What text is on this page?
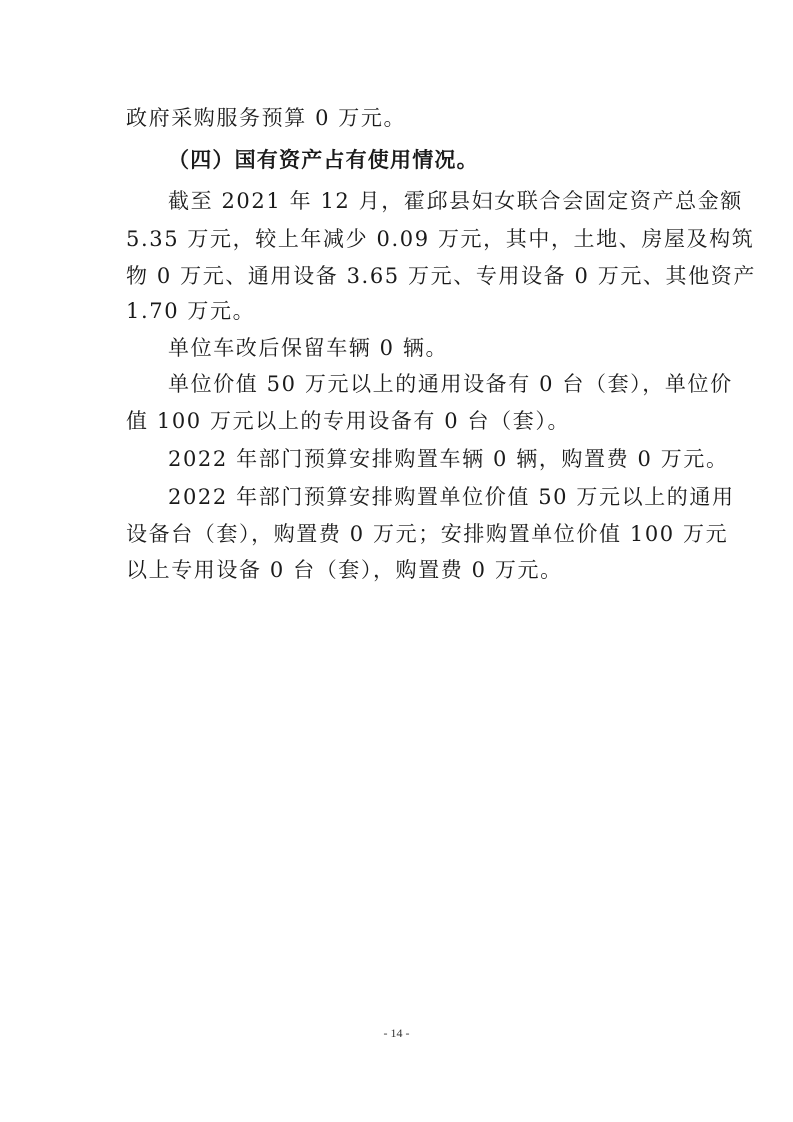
政府采购服务预算 0 万元。
（四）国有资产占有使用情况。
截至 2021 年 12 月，霍邱县妇女联合会固定资产总金额
5.35 万元，较上年减少 0.09 万元，其中，土地、房屋及构筑
物 0 万元、通用设备 3.65 万元、专用设备 0 万元、其他资产
1.70 万元。
单位车改后保留车辆 0 辆。
单位价值 50 万元以上的通用设备有 0 台（套），单位价
值 100 万元以上的专用设备有 0 台（套）。
2022 年部门预算安排购置车辆 0 辆，购置费 0 万元。
2022 年部门预算安排购置单位价值 50 万元以上的通用
设备台（套），购置费 0 万元；安排购置单位价值 100 万元
以上专用设备 0 台（套），购置费 0 万元。
- 14 -
